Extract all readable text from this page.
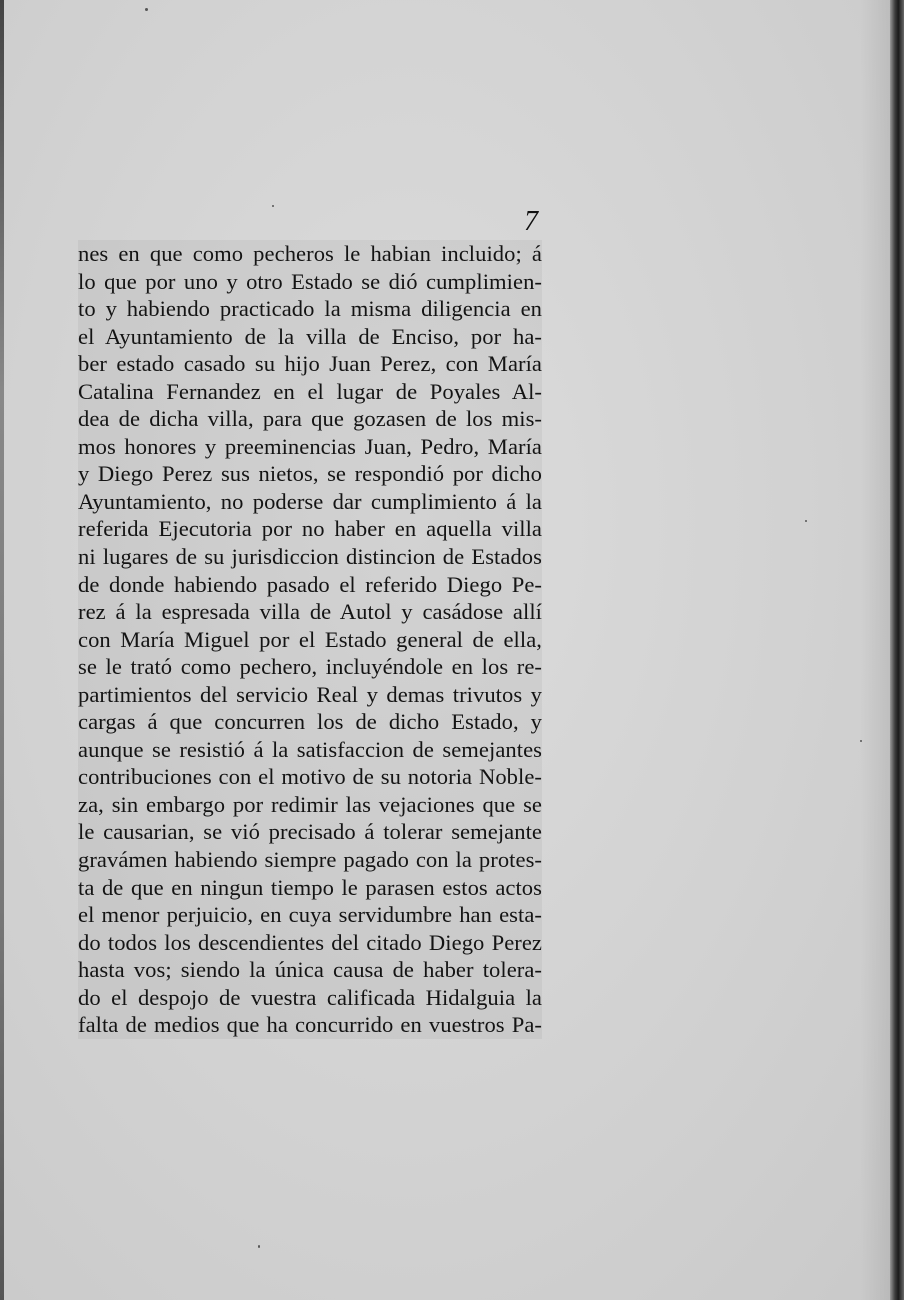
7
nes en que como pecheros le habian incluido; á
lo que por uno y otro Estado se dió cumplimien-
to y habiendo practicado la misma diligencia en
el Ayuntamiento de la villa de Enciso, por ha-
ber estado casado su hijo Juan Perez, con María
Catalina Fernandez en el lugar de Poyales Al-
dea de dicha villa, para que gozasen de los mis-
mos honores y preeminencias Juan, Pedro, María
y Diego Perez sus nietos, se respondió por dicho
Ayuntamiento, no poderse dar cumplimiento á la
referida Ejecutoria por no haber en aquella villa
ni lugares de su jurisdiccion distincion de Estados
de donde habiendo pasado el referido Diego Pe-
rez á la espresada villa de Autol y casádose allí
con María Miguel por el Estado general de ella,
se le trató como pechero, incluyéndole en los re-
partimientos del servicio Real y demas trivutos y
cargas á que concurren los de dicho Estado, y
aunque se resistió á la satisfaccion de semejantes
contribuciones con el motivo de su notoria Noble-
za, sin embargo por redimir las vejaciones que se
le causarian, se vió precisado á tolerar semejante
gravámen habiendo siempre pagado con la protes-
ta de que en ningun tiempo le parasen estos actos
el menor perjuicio, en cuya servidumbre han esta-
do todos los descendientes del citado Diego Perez
hasta vos; siendo la única causa de haber tolera-
do el despojo de vuestra calificada Hidalguia la
falta de medios que ha concurrido en vuestros Pa-
